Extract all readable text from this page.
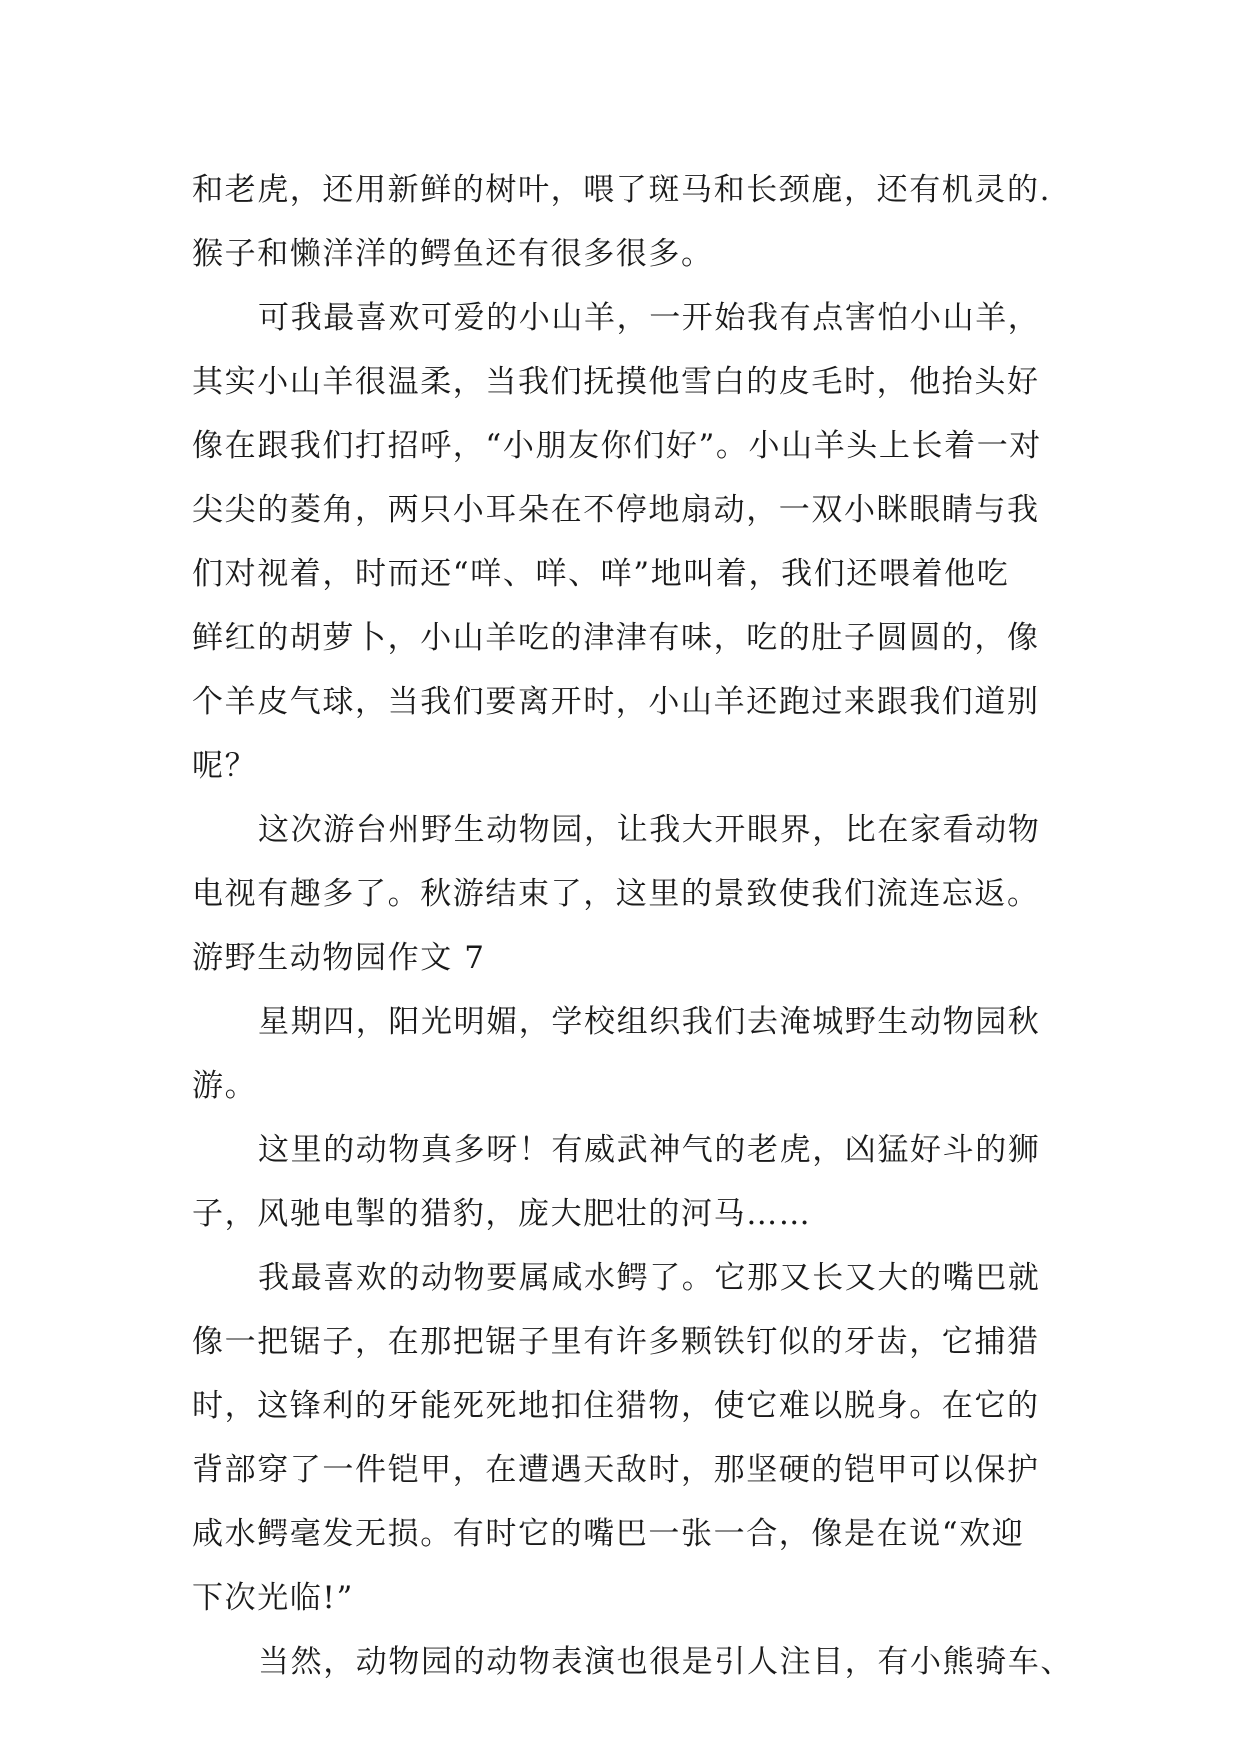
和老虎，还用新鲜的树叶，喂了斑马和长颈鹿，还有机灵的.
猴子和懒洋洋的鳄鱼还有很多很多。
可我最喜欢可爱的小山羊，一开始我有点害怕小山羊，
其实小山羊很温柔，当我们抚摸他雪白的皮毛时，他抬头好
像在跟我们打招呼，“小朋友你们好”。小山羊头上长着一对
尖尖的菱角，两只小耳朵在不停地扇动，一双小眯眼睛与我
们对视着，时而还“咩、咩、咩”地叫着，我们还喂着他吃
鲜红的胡萝卜，小山羊吃的津津有味，吃的肚子圆圆的，像
个羊皮气球，当我们要离开时，小山羊还跑过来跟我们道别
呢？
这次游台州野生动物园，让我大开眼界，比在家看动物
电视有趣多了。秋游结束了，这里的景致使我们流连忘返。
游野生动物园作文 7
星期四，阳光明媚，学校组织我们去淹城野生动物园秋
游。
这里的动物真多呀！有威武神气的老虎，凶猛好斗的狮
子，风驰电掣的猎豹，庞大肥壮的河马……
我最喜欢的动物要属咸水鳄了。它那又长又大的嘴巴就
像一把锯子，在那把锯子里有许多颗铁钉似的牙齿，它捕猎
时，这锋利的牙能死死地扣住猎物，使它难以脱身。在它的
背部穿了一件铠甲，在遭遇天敌时，那坚硬的铠甲可以保护
咸水鳄毫发无损。有时它的嘴巴一张一合，像是在说“欢迎
下次光临!”
当然，动物园的动物表演也很是引人注目，有小熊骑车、
